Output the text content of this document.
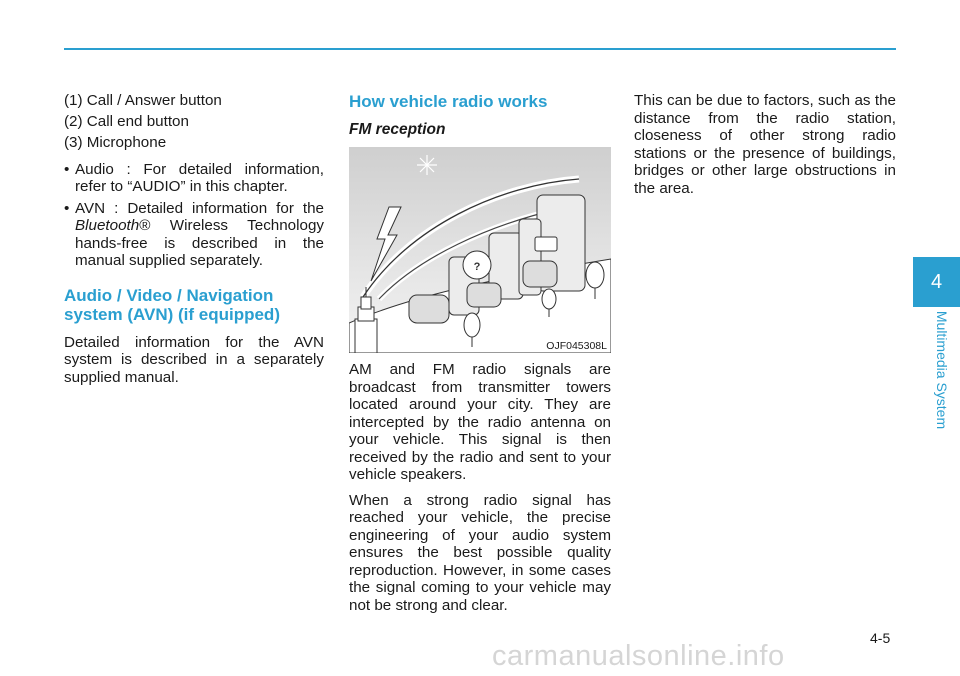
(1) Call / Answer button

(2) Call end button

(3) Microphone

• Audio : For detailed information, refer to “AUDIO” in this chapter.
• AVN : Detailed information for the Bluetooth® Wireless Technology hands-free is described in the manual supplied separately.
Audio / Video / Navigation system (AVN) (if equipped)

Detailed information for the AVN system is described in a separately supplied manual.

How vehicle radio works
FM reception
?
OJF045308L

AM and FM radio signals are broadcast from transmitter towers located around your city. They are intercepted by the radio antenna on your vehicle. This signal is then received by the radio and sent to your vehicle speakers.

When a strong radio signal has reached your vehicle, the precise engineering of your audio system ensures the best possible quality reproduction. However, in some cases the signal coming to your vehicle may not be strong and clear.

This can be due to factors, such as the distance from the radio station, closeness of other strong radio stations or the presence of buildings, bridges or other large obstructions in the area.

4
Multimedia System
4-5
carmanualsonline.info
